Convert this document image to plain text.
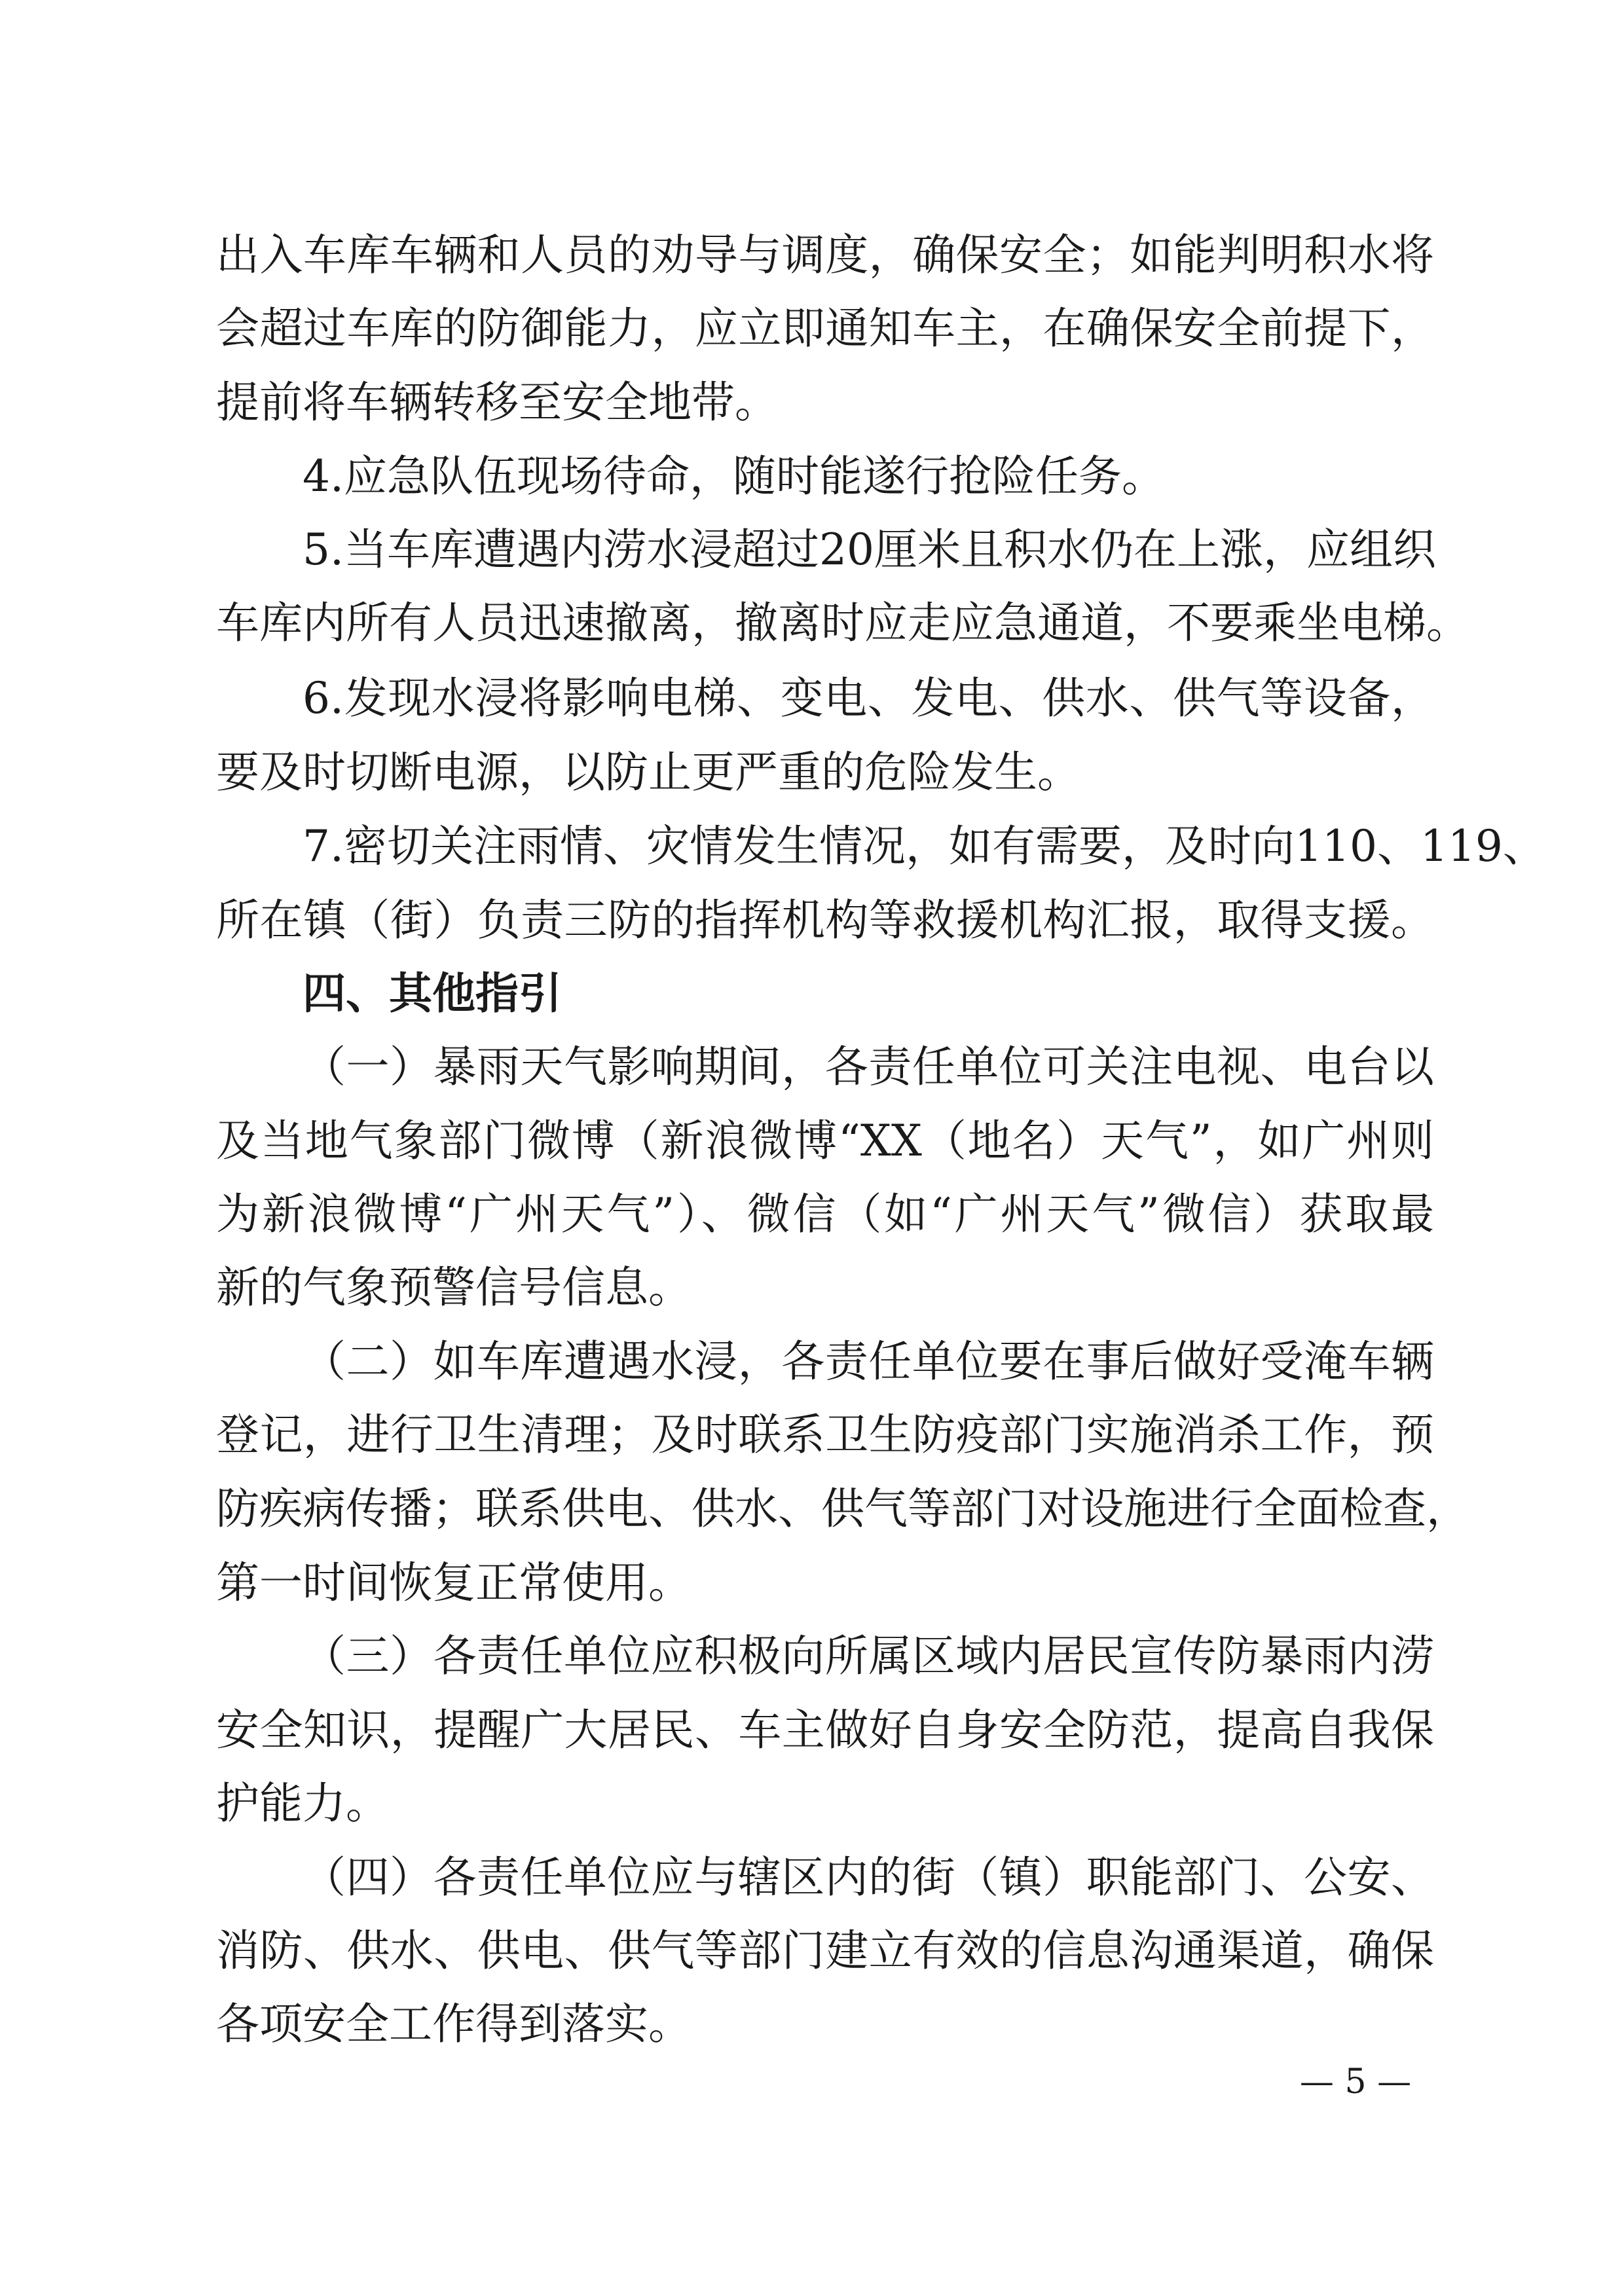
出入车库车辆和人员的劝导与调度，确保安全；如能判明积水将
会超过车库的防御能力，应立即通知车主，在确保安全前提下，
提前将车辆转移至安全地带。
4.应急队伍现场待命，随时能遂行抢险任务。
5.当车库遭遇内涝水浸超过20厘米且积水仍在上涨，应组织
车库内所有人员迅速撤离，撤离时应走应急通道，不要乘坐电梯。
6.发现水浸将影响电梯、变电、发电、供水、供气等设备，
要及时切断电源，以防止更严重的危险发生。
7.密切关注雨情、灾情发生情况，如有需要，及时向110、119、
所在镇（街）负责三防的指挥机构等救援机构汇报，取得支援。
四、其他指引
（一）暴雨天气影响期间，各责任单位可关注电视、电台以
及当地气象部门微博（新浪微博“XX（地名）天气”，如广州则
为新浪微博“广州天气”）、微信（如“广州天气”微信）获取最
新的气象预警信号信息。
（二）如车库遭遇水浸，各责任单位要在事后做好受淹车辆
登记，进行卫生清理；及时联系卫生防疫部门实施消杀工作，预
防疾病传播；联系供电、供水、供气等部门对设施进行全面检查，
第一时间恢复正常使用。
（三）各责任单位应积极向所属区域内居民宣传防暴雨内涝
安全知识，提醒广大居民、车主做好自身安全防范，提高自我保
护能力。
（四）各责任单位应与辖区内的街（镇）职能部门、公安、
消防、供水、供电、供气等部门建立有效的信息沟通渠道，确保
各项安全工作得到落实。
— 5 —
